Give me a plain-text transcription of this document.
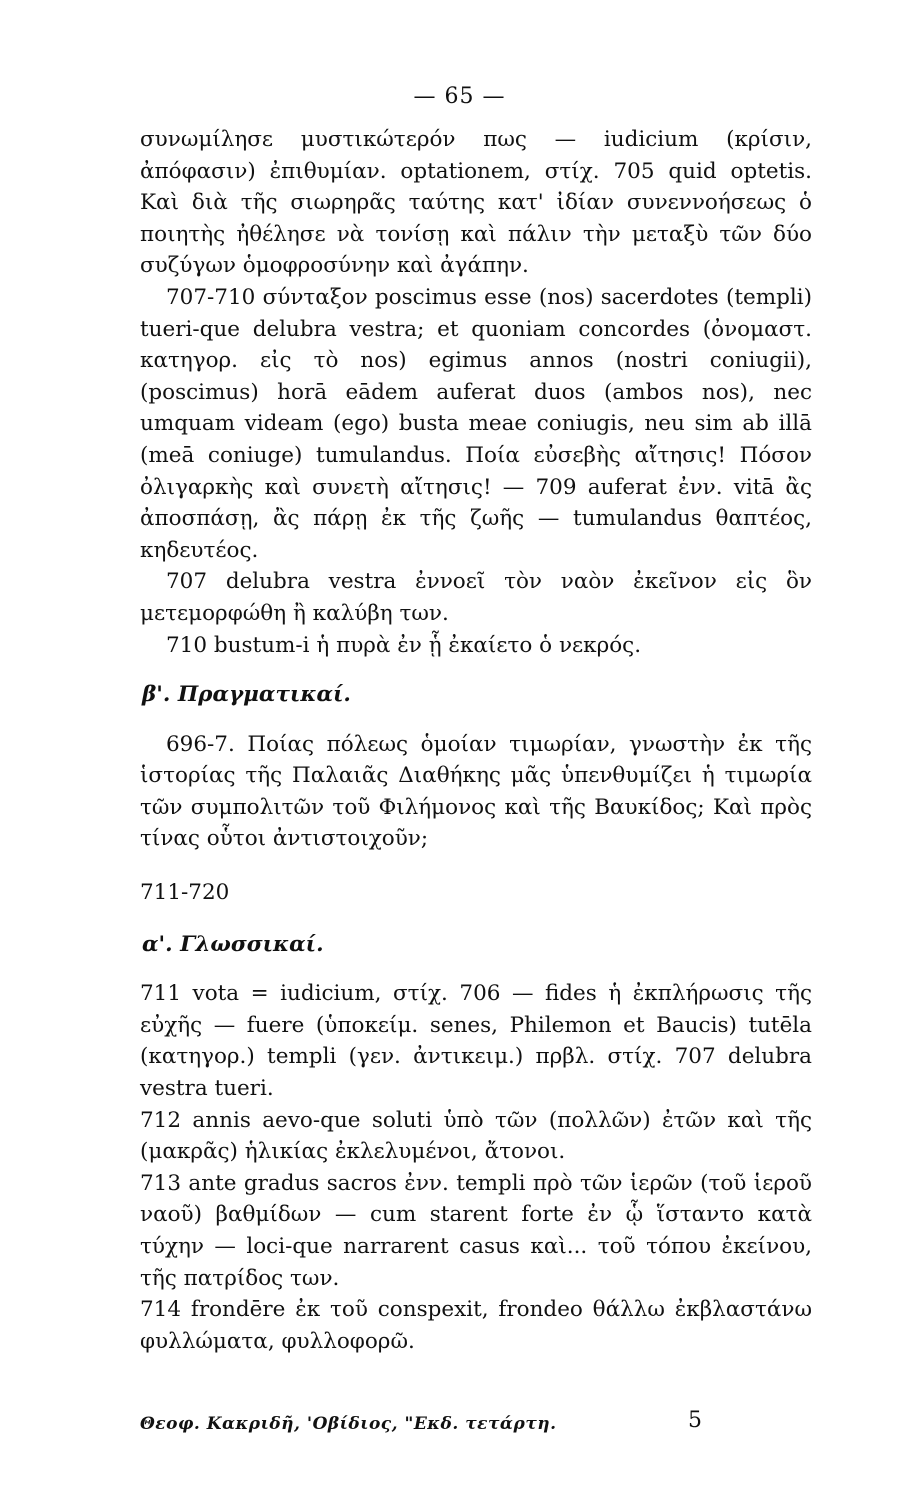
— 65 —

συνωμίλησε μυστικώτερόν πως — iudicium (κρίσιν, ἀπόφασιν) ἐπιθυμίαν. optationem, στίχ. 705 quid optetis. Καὶ διὰ τῆς σιωρηρᾶς ταύτης κατ' ἰδίαν συνεννοήσεως ὁ ποιητὴς ἠθέλησε νὰ τονίσῃ καὶ πάλιν τὴν μεταξὺ τῶν δύο συζύγων ὁμοφροσύνην καὶ ἀγάπην.

707-710 σύνταξον poscimus esse (nos) sacerdotes (templi) tueri-que delubra vestra; et quoniam concordes (ὀνομαστ. κατηγορ. εἰς τὸ nos) egimus annos (nostri coniugii), (poscimus) horā eādem auferat duos (ambos nos), nec umquam videam (ego) busta meae coniugis, neu sim ab illā (meā coniuge) tumulandus. Ποία εὐσεβὴς αἴτησις! Πόσον ὀλιγαρκὴς καὶ συνετὴ αἴτησις! — 709 auferat ἐνν. vitā ἂς ἀποσπάσῃ, ἂς πάρῃ ἐκ τῆς ζωῆς — tumulandus θαπτέος, κηδευτέος.

707 delubra vestra ἐννοεῖ τὸν ναὸν ἐκεῖνον εἰς ὃν μετεμορφώθη ἢ καλύβη των.

710 bustum-i ἡ πυρὰ ἐν ᾗ ἐκαίετο ὁ νεκρός.

β'. Πραγματικαί.

696-7. Ποίας πόλεως ὁμοίαν τιμωρίαν, γνωστὴν ἐκ τῆς ἱστορίας τῆς Παλαιᾶς Διαθήκης μᾶς ὑπενθυμίζει ἡ τιμωρία τῶν συμπολιτῶν τοῦ Φιλήμονος καὶ τῆς Βαυκίδος; Καὶ πρὸς τίνας οὗτοι ἀντιστοιχοῦν;

711-720
α'. Γλωσσικαί.

711 vota = iudicium, στίχ. 706 — fides ἡ ἐκπλήρωσις τῆς εὐχῆς — fuere (ὑποκείμ. senes, Philemon et Baucis) tutēla (κατηγορ.) templi (γεν. ἀντικειμ.) πρβλ. στίχ. 707 delubra vestra tueri.

712 annis aevo-que soluti ὑπὸ τῶν (πολλῶν) ἐτῶν καὶ τῆς (μακρᾶς) ἡλικίας ἐκλελυμένοι, ἄτονοι.

713 ante gradus sacros ἐνν. templi πρὸ τῶν ἱερῶν (τοῦ ἱεροῦ ναοῦ) βαθμίδων — cum starent forte ἐν ᾧ ἵσταντο κατὰ τύχην — loci-que narrarent casus καὶ... τοῦ τόπου ἐκείνου, τῆς πατρίδος των.

714 frondēre ἐκ τοῦ conspexit, frondeo θάλλω ἐκβλαστάνω φυλλώματα, φυλλοφορῶ.

Θεοφ. Κακριδῆ, 'Οβίδιος, "Εκδ. τετάρτη.	5
